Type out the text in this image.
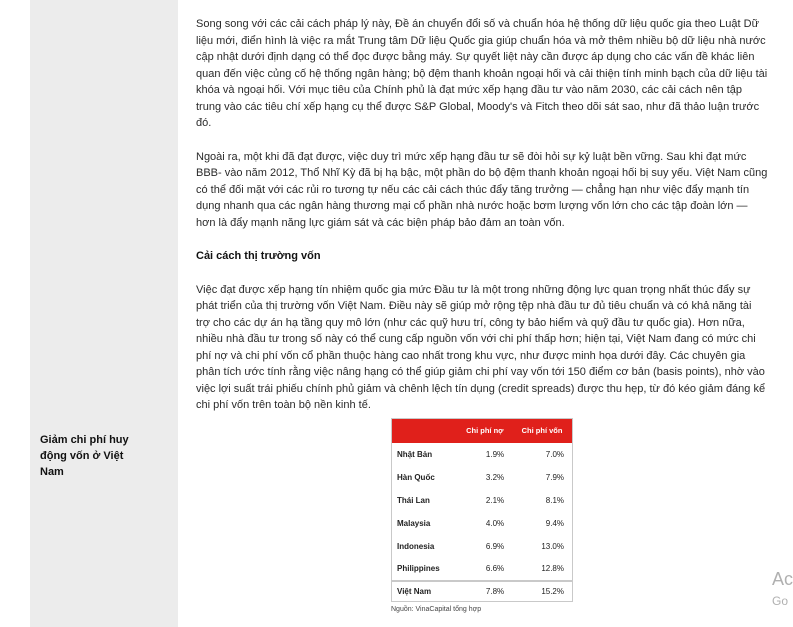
Giảm chi phí huy động vốn ở Việt Nam

Song song với các cải cách pháp lý này, Đề án chuyển đổi số và chuẩn hóa hệ thống dữ liệu quốc gia theo Luật Dữ liệu mới, điển hình là việc ra mắt Trung tâm Dữ liệu Quốc gia giúp chuẩn hóa và mở thêm nhiều bộ dữ liệu nhà nước cập nhật dưới định dạng có thể đọc được bằng máy. Sự quyết liệt này cần được áp dụng cho các vấn đề khác liên quan đến việc củng cố hệ thống ngân hàng; bộ đệm thanh khoản ngoại hối và cải thiện tính minh bạch của dữ liệu tài khóa và ngoại hối. Với mục tiêu của Chính phủ là đạt mức xếp hạng đầu tư vào năm 2030, các cải cách nên tập trung vào các tiêu chí xếp hạng cụ thể được S&P Global, Moody's và Fitch theo dõi sát sao, như đã thảo luận trước đó.

Ngoài ra, một khi đã đạt được, việc duy trì mức xếp hạng đầu tư sẽ đòi hỏi sự kỷ luật bền vững. Sau khi đạt mức BBB- vào năm 2012, Thổ Nhĩ Kỳ đã bị hạ bậc, một phần do bộ đệm thanh khoản ngoại hối bị suy yếu. Việt Nam cũng có thể đối mặt với các rủi ro tương tự nếu các cải cách thúc đẩy tăng trưởng — chẳng hạn như việc đẩy mạnh tín dụng nhanh qua các ngân hàng thương mại cổ phần nhà nước hoặc bơm lượng vốn lớn cho các tập đoàn lớn — hơn là đẩy mạnh năng lực giám sát và các biện pháp bảo đảm an toàn vốn.

Cải cách thị trường vốn

Việc đạt được xếp hạng tín nhiệm quốc gia mức Đầu tư là một trong những động lực quan trọng nhất thúc đẩy sự phát triển của thị trường vốn Việt Nam. Điều này sẽ giúp mở rộng tệp nhà đầu tư đủ tiêu chuẩn và có khả năng tài trợ cho các dự án hạ tầng quy mô lớn (như các quỹ hưu trí, công ty bảo hiểm và quỹ đầu tư quốc gia). Hơn nữa, nhiều nhà đầu tư trong số này có thể cung cấp nguồn vốn với chi phí thấp hơn; hiện tại, Việt Nam đang có mức chi phí nợ và chi phí vốn cổ phần thuộc hàng cao nhất trong khu vực, như được minh họa dưới đây. Các chuyên gia phân tích ước tính rằng việc nâng hạng có thể giúp giảm chi phí vay vốn tới 150 điểm cơ bản (basis points), nhờ vào việc lợi suất trái phiếu chính phủ giảm và chênh lệch tín dụng (credit spreads) được thu hẹp, từ đó kéo giảm đáng kể chi phí vốn trên toàn bộ nền kinh tế.

	Chi phí nợ	Chi phí vốn
Nhật Bản	1.9%	7.0%
Hàn Quốc	3.2%	7.9%
Thái Lan	2.1%	8.1%
Malaysia	4.0%	9.4%
Indonesia	6.9%	13.0%
Philippines	6.6%	12.8%
Việt Nam	7.8%	15.2%
Nguồn: VinaCapital tổng hợp
Ac
Go
